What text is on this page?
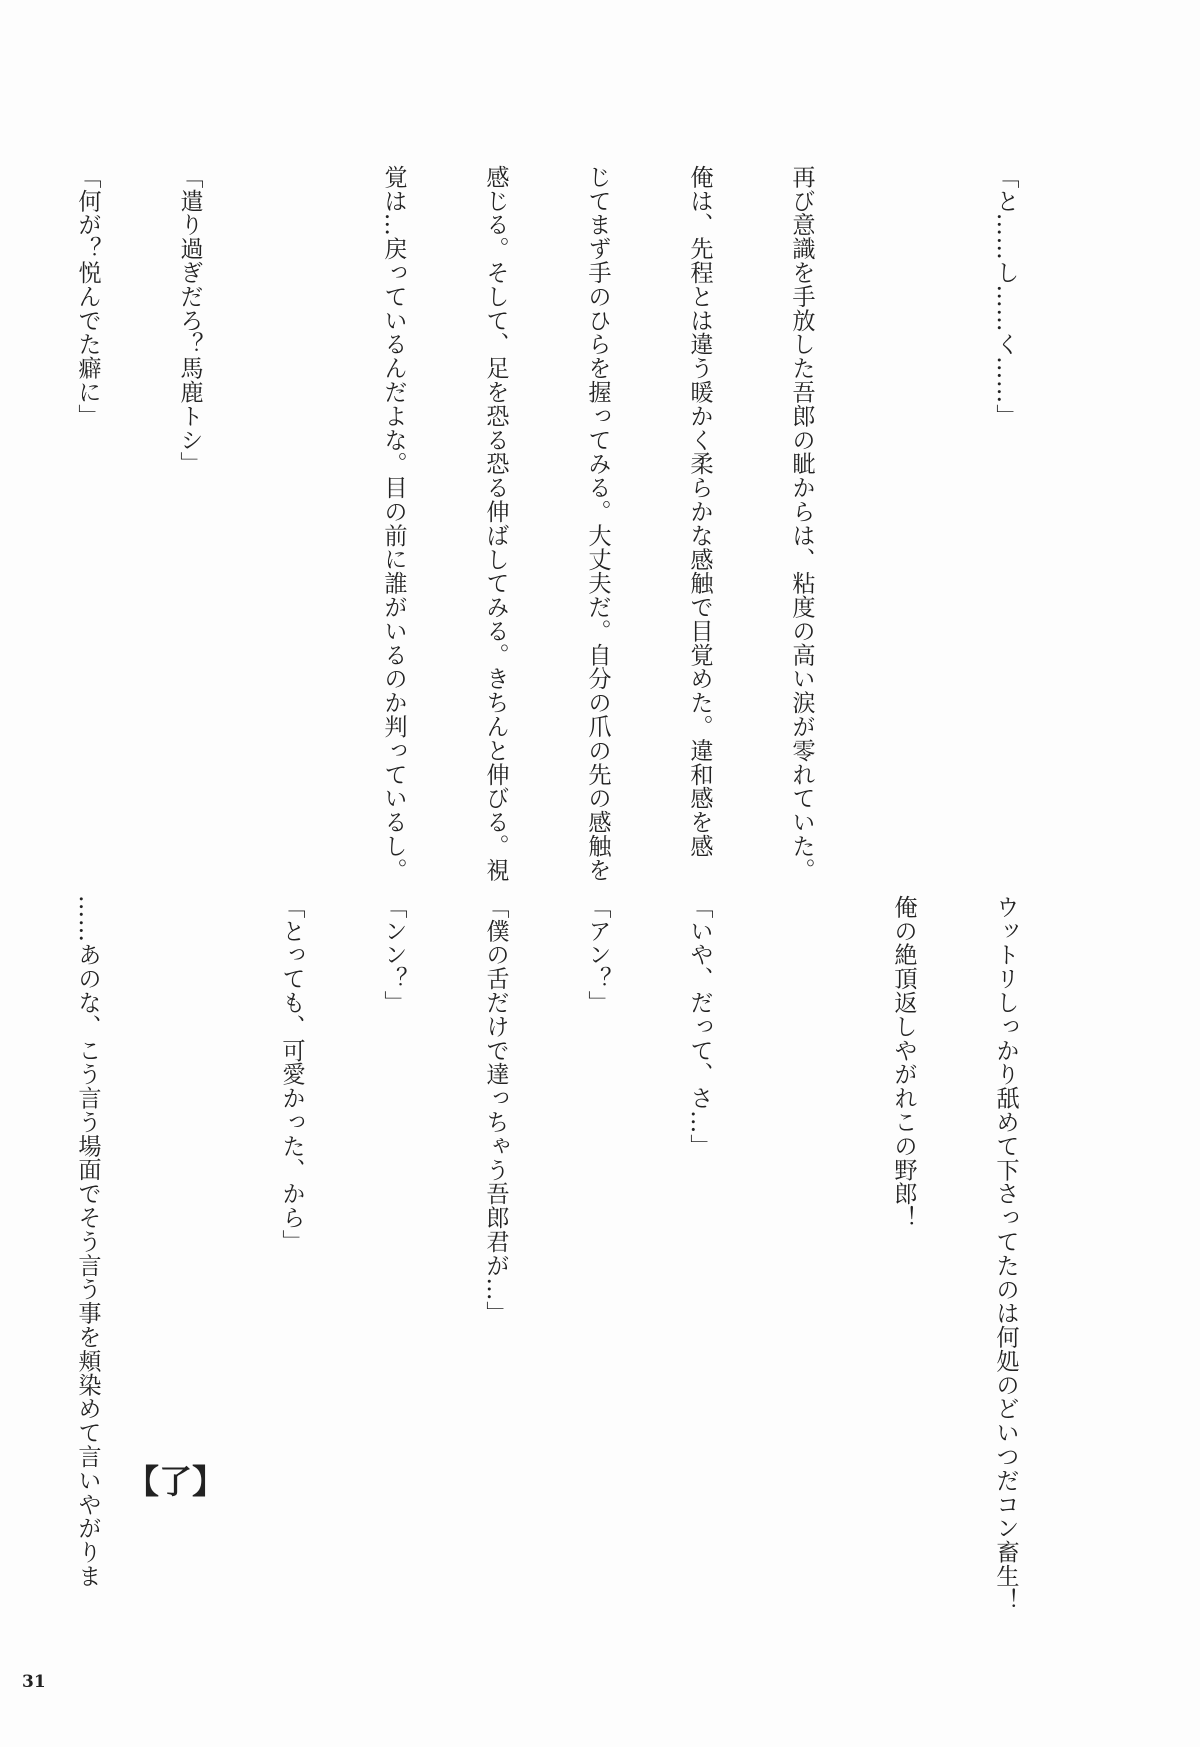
「と……し……く……」

再び意識を手放した吾郎の眦からは、粘度の高い涙が零れていた。

俺は、先程とは違う暖かく柔らかな感触で目覚めた。違和感を感

じてまず手のひらを握ってみる。大丈夫だ。自分の爪の先の感触を

感じる。そして、足を恐る恐る伸ばしてみる。きちんと伸びる。視

覚は…戻っているんだよな。目の前に誰がいるのか判っているし。

「遣り過ぎだろ？馬鹿トシ」

「何が？悦んでた癖に」

ウットリしっかり舐めて下さってたのは何処のどいつだコン畜生！

俺の絶頂返しやがれこの野郎！

「いや、だって、さ…」

「アン？」

「僕の舌だけで達っちゃう吾郎君が…」

「ンン？」

「とっても、可愛かった、から」

……あのな、こう言う場面でそう言う事を頬染めて言いやがりま

【了】
31
